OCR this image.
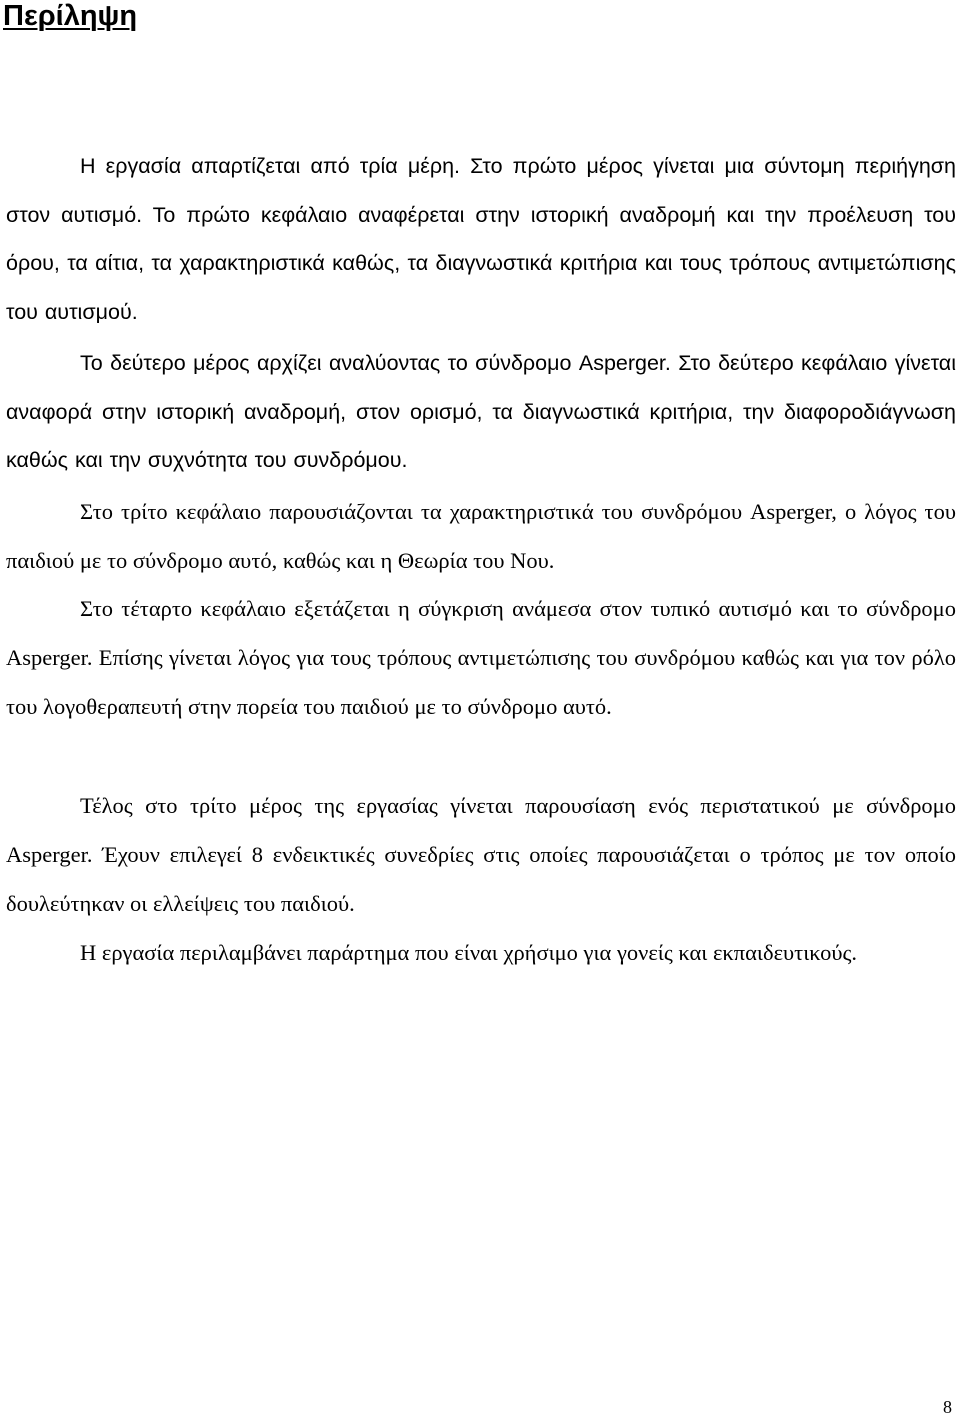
Περίληψη

Η εργασία απαρτίζεται από τρία μέρη. Στο πρώτο μέρος γίνεται μια σύντομη περιήγηση στον αυτισμό. Το πρώτο κεφάλαιο αναφέρεται στην ιστορική αναδρομή και την προέλευση του όρου, τα αίτια, τα χαρακτηριστικά καθώς, τα διαγνωστικά κριτήρια και τους τρόπους αντιμετώπισης του αυτισμού.

Το δεύτερο μέρος αρχίζει αναλύοντας το σύνδρομο Asperger. Στο δεύτερο κεφάλαιο γίνεται αναφορά στην ιστορική αναδρομή, στον ορισμό, τα διαγνωστικά κριτήρια, την διαφοροδιάγνωση καθώς και την συχνότητα του συνδρόμου.

Στο τρίτο κεφάλαιο παρουσιάζονται τα χαρακτηριστικά του συνδρόμου Asperger, ο λόγος του παιδιού με το σύνδρομο αυτό, καθώς και η Θεωρία του Νου.

Στο τέταρτο κεφάλαιο εξετάζεται η σύγκριση ανάμεσα στον τυπικό αυτισμό και το σύνδρομο Asperger. Επίσης γίνεται λόγος για τους τρόπους αντιμετώπισης του συνδρόμου καθώς και για τον ρόλο του λογοθεραπευτή στην πορεία του παιδιού με το σύνδρομο αυτό.

Τέλος στο τρίτο μέρος της εργασίας γίνεται παρουσίαση ενός περιστατικού με σύνδρομο Asperger. Έχουν επιλεγεί 8 ενδεικτικές συνεδρίες στις οποίες παρουσιάζεται ο τρόπος με τον οποίο δουλεύτηκαν οι ελλείψεις του παιδιού.

Η εργασία περιλαμβάνει παράρτημα που είναι χρήσιμο για γονείς και εκπαιδευτικούς.

8
